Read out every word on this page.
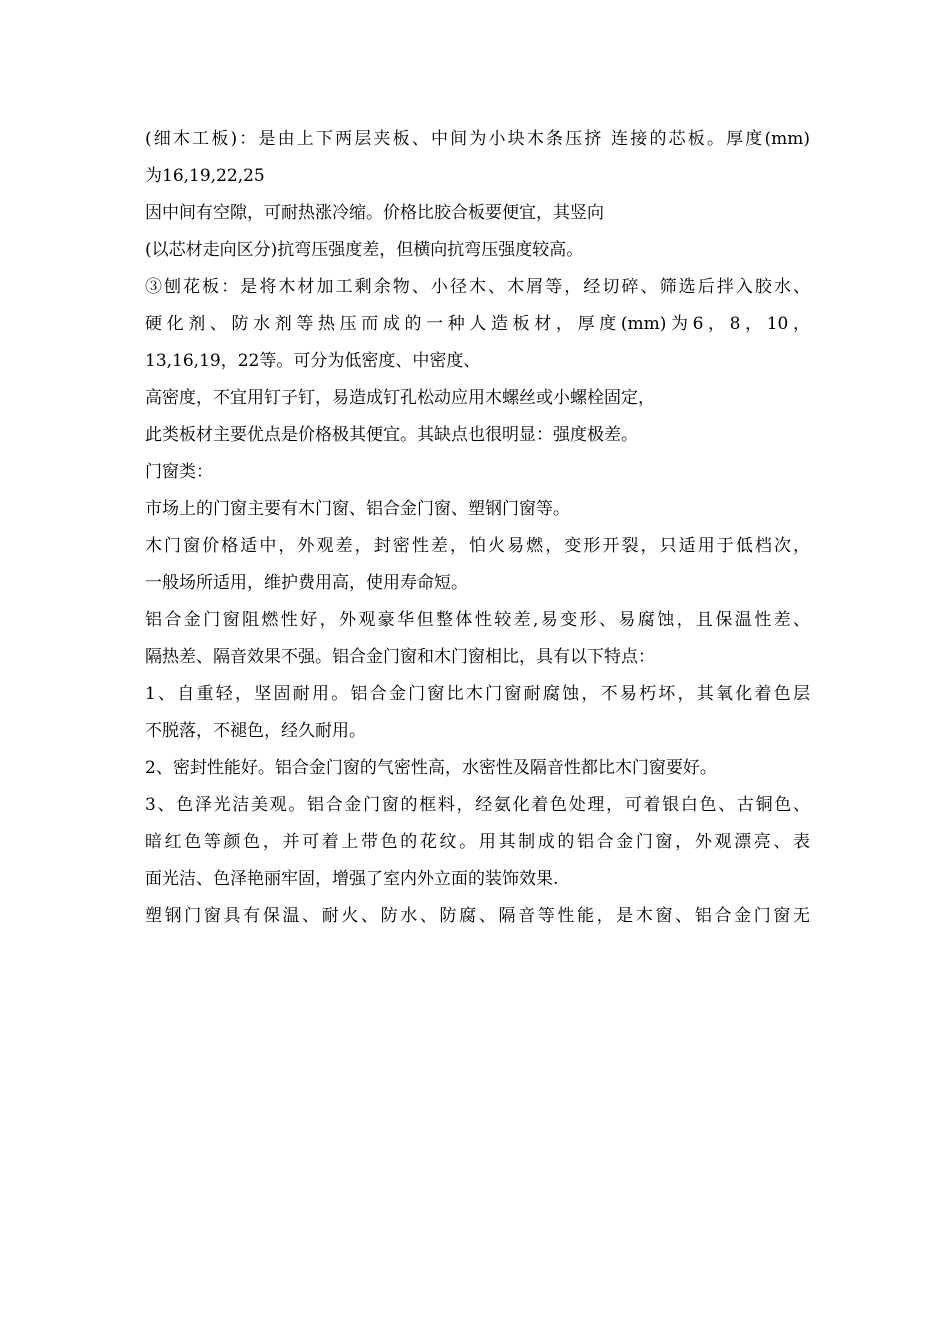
(细木工板)：是由上下两层夹板、中间为小块木条压挤 连接的芯板。厚度(mm)
为16,19,22,25
因中间有空隙，可耐热涨冷缩。价格比胶合板要便宜，其竖向
(以芯材走向区分)抗弯压强度差，但横向抗弯压强度较高。
③刨花板：是将木材加工剩余物、小径木、木屑等，经切碎、筛选后拌入胶水、
硬化剂、防水剂等热压而成的一种人造板材，厚度(mm)为6，8，10，
13,16,19，22等。可分为低密度、中密度、
高密度，不宜用钉子钉，易造成钉孔松动应用木螺丝或小螺栓固定，
此类板材主要优点是价格极其便宜。其缺点也很明显：强度极差。
门窗类：
市场上的门窗主要有木门窗、铝合金门窗、塑钢门窗等。
木门窗价格适中，外观差，封密性差，怕火易燃，变形开裂，只适用于低档次，
一般场所适用，维护费用高，使用寿命短。
铝合金门窗阻燃性好，外观豪华但整体性较差,易变形、易腐蚀，且保温性差、
隔热差、隔音效果不强。铝合金门窗和木门窗相比，具有以下特点：
1、自重轻，坚固耐用。铝合金门窗比木门窗耐腐蚀，不易朽坏，其氧化着色层
不脱落，不褪色，经久耐用。
2、密封性能好。铝合金门窗的气密性高，水密性及隔音性都比木门窗要好。
3、色泽光洁美观。铝合金门窗的框料，经氨化着色处理，可着银白色、古铜色、
暗红色等颜色，并可着上带色的花纹。用其制成的铝合金门窗，外观漂亮、表
面光洁、色泽艳丽牢固，增强了室内外立面的装饰效果.
塑钢门窗具有保温、耐火、防水、防腐、隔音等性能，是木窗、铝合金门窗无
